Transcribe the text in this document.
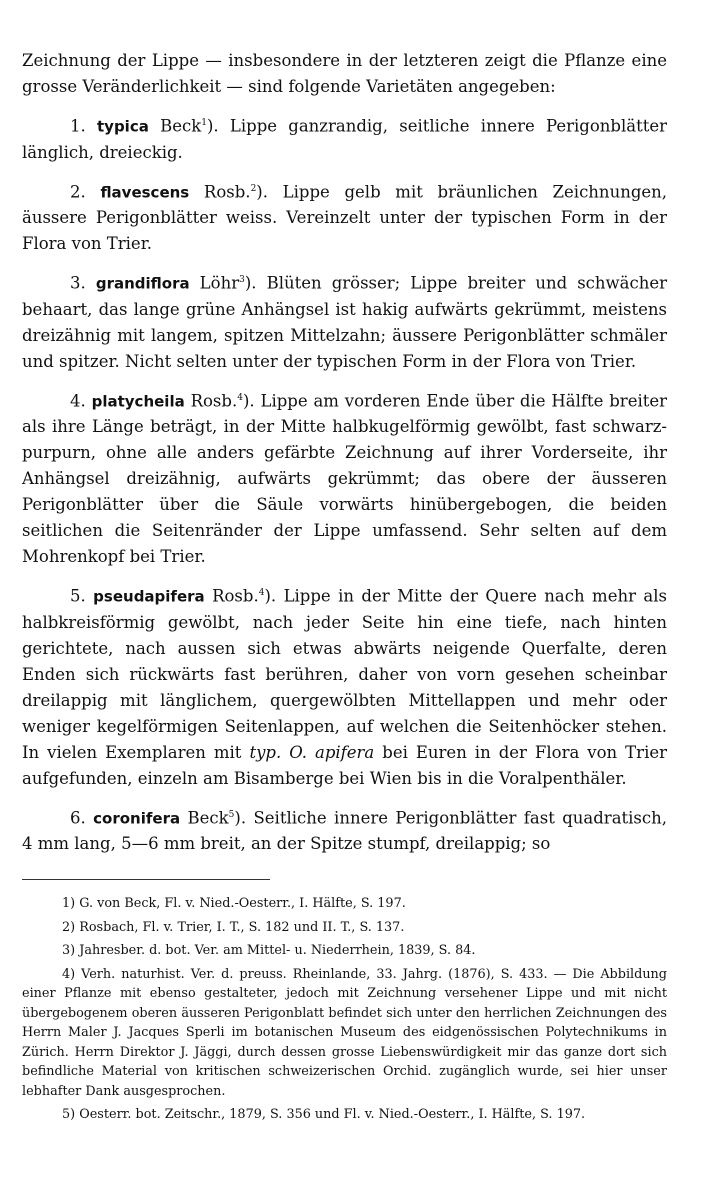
Zeichnung der Lippe — insbesondere in der letzteren zeigt die Pflanze eine grosse Veränderlichkeit — sind folgende Varietäten angegeben:

1. typica Beck$^1$). Lippe ganzrandig, seitliche innere Perigonblätter länglich, dreieckig.

2. flavescens Rosb.$^2$). Lippe gelb mit bräunlichen Zeichnungen, äussere Perigonblätter weiss. Vereinzelt unter der typischen Form in der Flora von Trier.

3. grandiflora Löhr$^3$). Blüten grösser; Lippe breiter und schwächer behaart, das lange grüne Anhängsel ist hakig aufwärts gekrümmt, meistens dreizähnig mit langem, spitzen Mittelzahn; äussere Perigonblätter schmäler und spitzer. Nicht selten unter der typischen Form in der Flora von Trier.

4. platycheila Rosb.$^4$). Lippe am vorderen Ende über die Hälfte breiter als ihre Länge beträgt, in der Mitte halbkugelförmig gewölbt, fast schwarz-purpurn, ohne alle anders gefärbte Zeichnung auf ihrer Vorderseite, ihr Anhängsel dreizähnig, aufwärts gekrümmt; das obere der äusseren Perigonblätter über die Säule vorwärts hinübergebogen, die beiden seitlichen die Seitenränder der Lippe umfassend. Sehr selten auf dem Mohrenkopf bei Trier.

5. pseudapifera Rosb.$^4$). Lippe in der Mitte der Quere nach mehr als halbkreisförmig gewölbt, nach jeder Seite hin eine tiefe, nach hinten gerichtete, nach aussen sich etwas abwärts neigende Querfalte, deren Enden sich rückwärts fast berühren, daher von vorn gesehen scheinbar dreilappig mit länglichem, quergewölbten Mittellappen und mehr oder weniger kegelförmigen Seitenlappen, auf welchen die Seitenhöcker stehen. In vielen Exemplaren mit typ. O. apifera bei Euren in der Flora von Trier aufgefunden, einzeln am Bisamberge bei Wien bis in die Voralpenthäler.

6. coronifera Beck$^5$). Seitliche innere Perigonblätter fast quadratisch, 4 mm lang, 5—6 mm breit, an der Spitze stumpf, dreilappig; so

1) G. von Beck, Fl. v. Nied.-Oesterr., I. Hälfte, S. 197.

2) Rosbach, Fl. v. Trier, I. T., S. 182 und II. T., S. 137.

3) Jahresber. d. bot. Ver. am Mittel- u. Niederrhein, 1839, S. 84.

4) Verh. naturhist. Ver. d. preuss. Rheinlande, 33. Jahrg. (1876), S. 433. — Die Abbildung einer Pflanze mit ebenso gestalteter, jedoch mit Zeichnung versehener Lippe und mit nicht übergebogenem oberen äusseren Perigonblatt befindet sich unter den herrlichen Zeichnungen des Herrn Maler J. Jacques Sperli im botanischen Museum des eidgenössischen Polytechnikums in Zürich. Herrn Direktor J. Jäggi, durch dessen grosse Liebenswürdigkeit mir das ganze dort sich befindliche Material von kritischen schweizerischen Orchid. zugänglich wurde, sei hier unser lebhafter Dank ausgesprochen.

5) Oesterr. bot. Zeitschr., 1879, S. 356 und Fl. v. Nied.-Oesterr., I. Hälfte, S. 197.
